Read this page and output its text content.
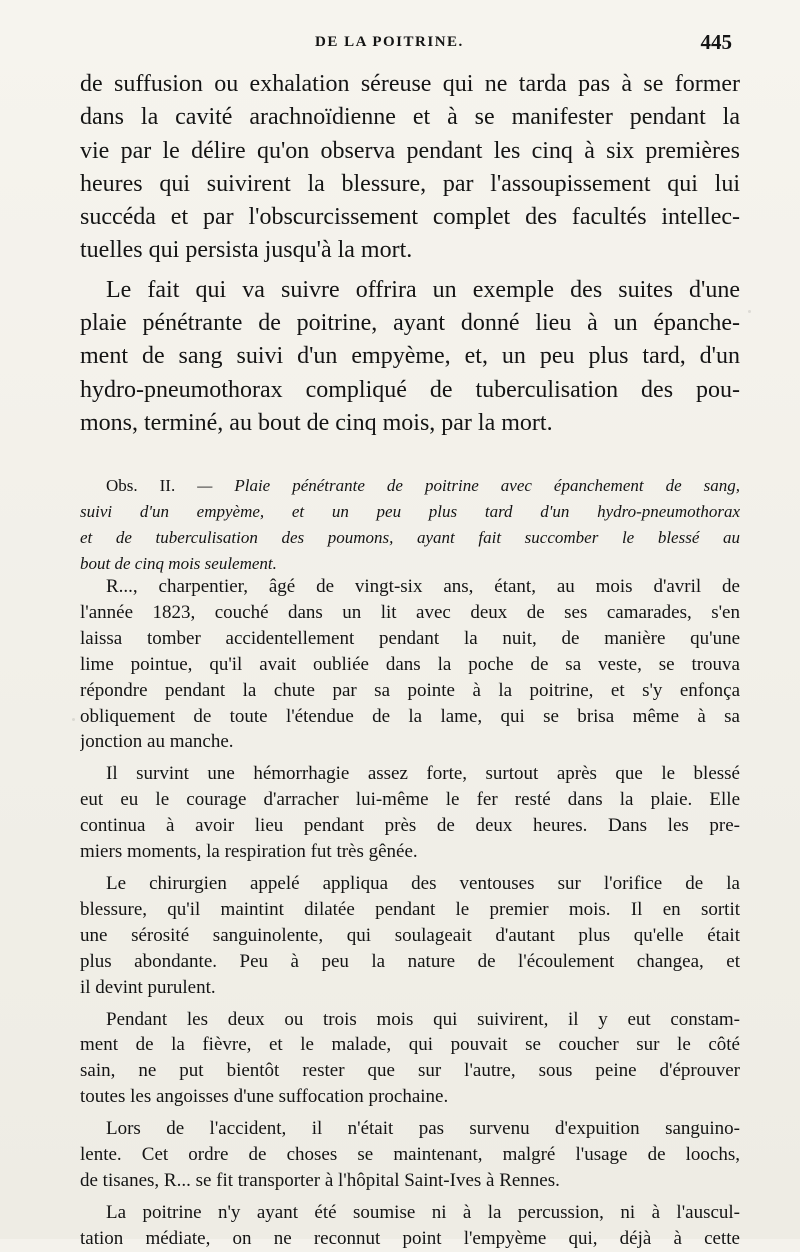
DE LA POITRINE.	445
de suffusion ou exhalation séreuse qui ne tarda pas à se former
dans la cavité arachnoïdienne et à se manifester pendant la
vie par le délire qu'on observa pendant les cinq à six premières
heures qui suivirent la blessure, par l'assoupissement qui lui
succéda et par l'obscurcissement complet des facultés intellec-
tuelles qui persista jusqu'à la mort.
Le fait qui va suivre offrira un exemple des suites d'une
plaie pénétrante de poitrine, ayant donné lieu à un épanche-
ment de sang suivi d'un empyème, et, un peu plus tard, d'un
hydro-pneumothorax compliqué de tuberculisation des pou-
mons, terminé, au bout de cinq mois, par la mort.
Obs. II. — Plaie pénétrante de poitrine avec épanchement de sang,
suivi d'un empyème, et un peu plus tard d'un hydro-pneumothorax
et de tuberculisation des poumons, ayant fait succomber le blessé au
bout de cinq mois seulement.
R..., charpentier, âgé de vingt-six ans, étant, au mois d'avril de
l'année 1823, couché dans un lit avec deux de ses camarades, s'en
laissa tomber accidentellement pendant la nuit, de manière qu'une
lime pointue, qu'il avait oubliée dans la poche de sa veste, se trouva
répondre pendant la chute par sa pointe à la poitrine, et s'y enfonça
obliquement de toute l'étendue de la lame, qui se brisa même à sa
jonction au manche.
Il survint une hémorrhagie assez forte, surtout après que le blessé
eut eu le courage d'arracher lui-même le fer resté dans la plaie. Elle
continua à avoir lieu pendant près de deux heures. Dans les pre-
miers moments, la respiration fut très gênée.
Le chirurgien appelé appliqua des ventouses sur l'orifice de la
blessure, qu'il maintint dilatée pendant le premier mois. Il en sortit
une sérosité sanguinolente, qui soulageait d'autant plus qu'elle était
plus abondante. Peu à peu la nature de l'écoulement changea, et
il devint purulent.
Pendant les deux ou trois mois qui suivirent, il y eut constam-
ment de la fièvre, et le malade, qui pouvait se coucher sur le côté
sain, ne put bientôt rester que sur l'autre, sous peine d'éprouver
toutes les angoisses d'une suffocation prochaine.
Lors de l'accident, il n'était pas survenu d'expuition sanguino-
lente. Cet ordre de choses se maintenant, malgré l'usage de loochs,
de tisanes, R... se fit transporter à l'hôpital Saint-Ives à Rennes.
La poitrine n'y ayant été soumise ni à la percussion, ni à l'auscul-
tation médiate, on ne reconnut point l'empyème qui, déjà à cette
